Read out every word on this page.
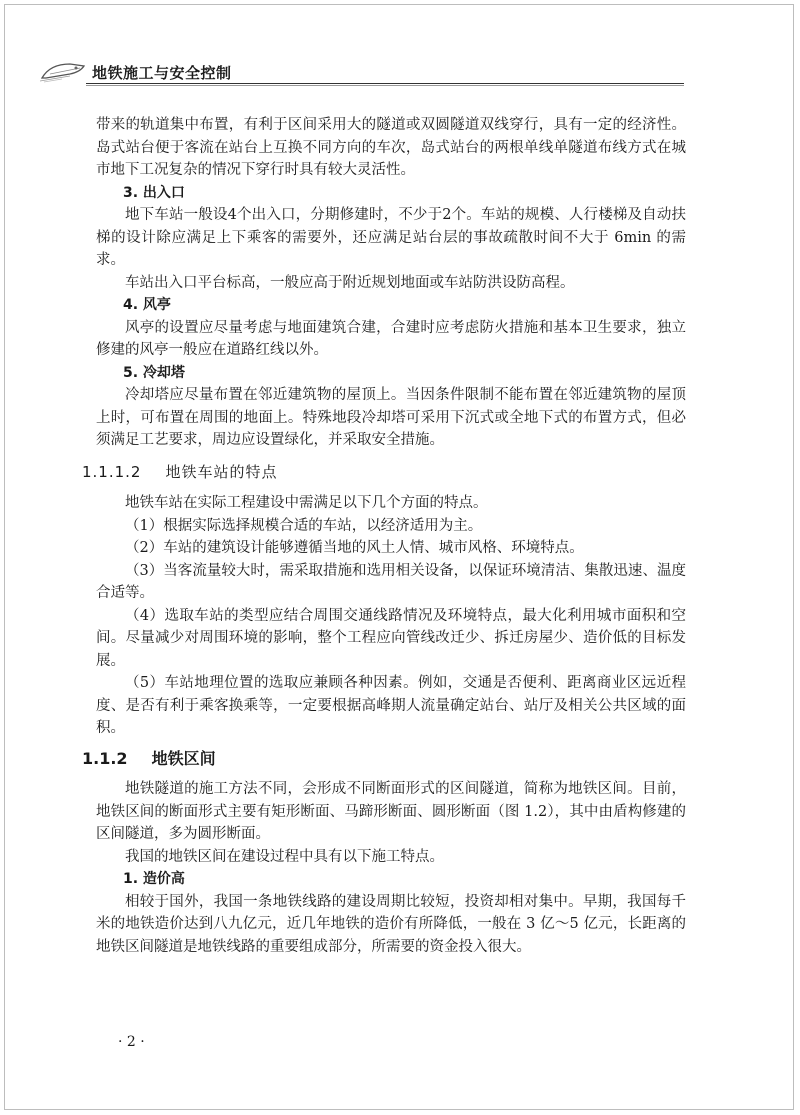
地铁施工与安全控制

带来的轨道集中布置，有利于区间采用大的隧道或双圆隧道双线穿行，具有一定的经济性。岛式站台便于客流在站台上互换不同方向的车次，岛式站台的两根单线单隧道布线方式在城市地下工况复杂的情况下穿行时具有较大灵活性。

3. 出入口

地下车站一般设4个出入口，分期修建时，不少于2个。车站的规模、人行楼梯及自动扶梯的设计除应满足上下乘客的需要外，还应满足站台层的事故疏散时间不大于 6min 的需求。

车站出入口平台标高，一般应高于附近规划地面或车站防洪设防高程。

4. 风亭

风亭的设置应尽量考虑与地面建筑合建，合建时应考虑防火措施和基本卫生要求，独立修建的风亭一般应在道路红线以外。

5. 冷却塔

冷却塔应尽量布置在邻近建筑物的屋顶上。当因条件限制不能布置在邻近建筑物的屋顶上时，可布置在周围的地面上。特殊地段冷却塔可采用下沉式或全地下式的布置方式，但必须满足工艺要求，周边应设置绿化，并采取安全措施。

1.1.1.2 地铁车站的特点

地铁车站在实际工程建设中需满足以下几个方面的特点。

（1）根据实际选择规模合适的车站，以经济适用为主。

（2）车站的建筑设计能够遵循当地的风土人情、城市风格、环境特点。

（3）当客流量较大时，需采取措施和选用相关设备，以保证环境清洁、集散迅速、温度合适等。

（4）选取车站的类型应结合周围交通线路情况及环境特点，最大化利用城市面积和空间。尽量减少对周围环境的影响，整个工程应向管线改迁少、拆迁房屋少、造价低的目标发展。

（5）车站地理位置的选取应兼顾各种因素。例如，交通是否便利、距离商业区远近程度、是否有利于乘客换乘等，一定要根据高峰期人流量确定站台、站厅及相关公共区域的面积。

1.1.2 地铁区间

地铁隧道的施工方法不同，会形成不同断面形式的区间隧道，简称为地铁区间。目前，地铁区间的断面形式主要有矩形断面、马蹄形断面、圆形断面（图 1.2），其中由盾构修建的区间隧道，多为圆形断面。

我国的地铁区间在建设过程中具有以下施工特点。

1. 造价高

相较于国外，我国一条地铁线路的建设周期比较短，投资却相对集中。早期，我国每千米的地铁造价达到八九亿元，近几年地铁的造价有所降低，一般在 3 亿～5 亿元，长距离的地铁区间隧道是地铁线路的重要组成部分，所需要的资金投入很大。

· 2 ·
